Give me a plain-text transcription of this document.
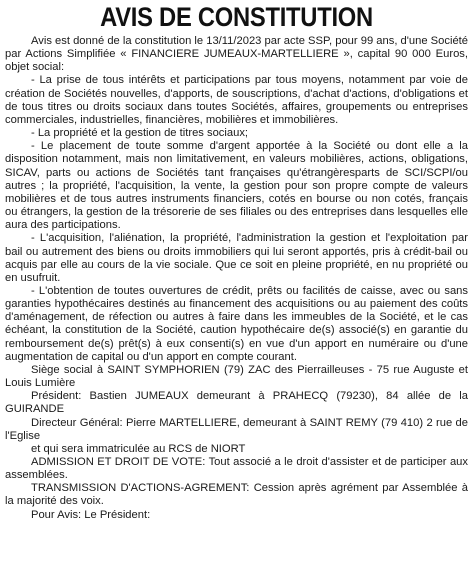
AVIS DE CONSTITUTION

Avis est donné de la constitution le 13/11/2023 par acte SSP, pour 99 ans, d'une Société par Actions Simplifiée « FINANCIERE JUMEAUX-MARTELLIERE », capital 90 000 Euros, objet social:

- La prise de tous intérêts et participations par tous moyens, notamment par voie de création de Sociétés nouvelles, d'apports, de souscriptions, d'achat d'actions, d'obligations et de tous titres ou droits sociaux dans toutes Sociétés, affaires, groupements ou entreprises commerciales, industrielles, financières, mobilières et immobilières.

- La propriété et la gestion de titres sociaux;

- Le placement de toute somme d'argent apportée à la Société ou dont elle a la disposition notamment, mais non limitativement, en valeurs mobilières, actions, obligations, SICAV, parts ou actions de Sociétés tant françaises qu'étrangèresparts de SCI/SCPI/ou autres ; la propriété, l'acquisition, la vente, la gestion pour son propre compte de valeurs mobilières et de tous autres instruments financiers, cotés en bourse ou non cotés, français ou étrangers, la gestion de la trésorerie de ses filiales ou des entreprises dans lesquelles elle aura des participations.

- L'acquisition, l'aliénation, la propriété, l'administration la gestion et l'exploitation par bail ou autrement des biens ou droits immobiliers qui lui seront apportés, pris à crédit-bail ou acquis par elle au cours de la vie sociale. Que ce soit en pleine propriété, en nu propriété ou en usufruit.

- L'obtention de toutes ouvertures de crédit, prêts ou facilités de caisse, avec ou sans garanties hypothécaires destinés au financement des acquisitions ou au paiement des coûts d'aménagement, de réfection ou autres à faire dans les immeubles de la Société, et le cas échéant, la constitution de la Société, caution hypothécaire de(s) associé(s) en garantie du remboursement de(s) prêt(s) à eux consenti(s) en vue d'un apport en numéraire ou d'une augmentation de capital ou d'un apport en compte courant.

Siège social à SAINT SYMPHORIEN (79) ZAC des Pierrailleuses - 75 rue Auguste et Louis Lumière

Président: Bastien JUMEAUX demeurant à PRAHECQ (79230), 84 allée de la GUIRANDE

Directeur Général: Pierre MARTELLIERE, demeurant à SAINT REMY (79 410) 2 rue de l'Eglise

et qui sera immatriculée au RCS de NIORT

ADMISSION ET DROIT DE VOTE: Tout associé a le droit d'assister et de participer aux assemblées.

TRANSMISSION D'ACTIONS-AGREMENT: Cession après agrément par Assemblée à la majorité des voix.

Pour Avis: Le Président:
